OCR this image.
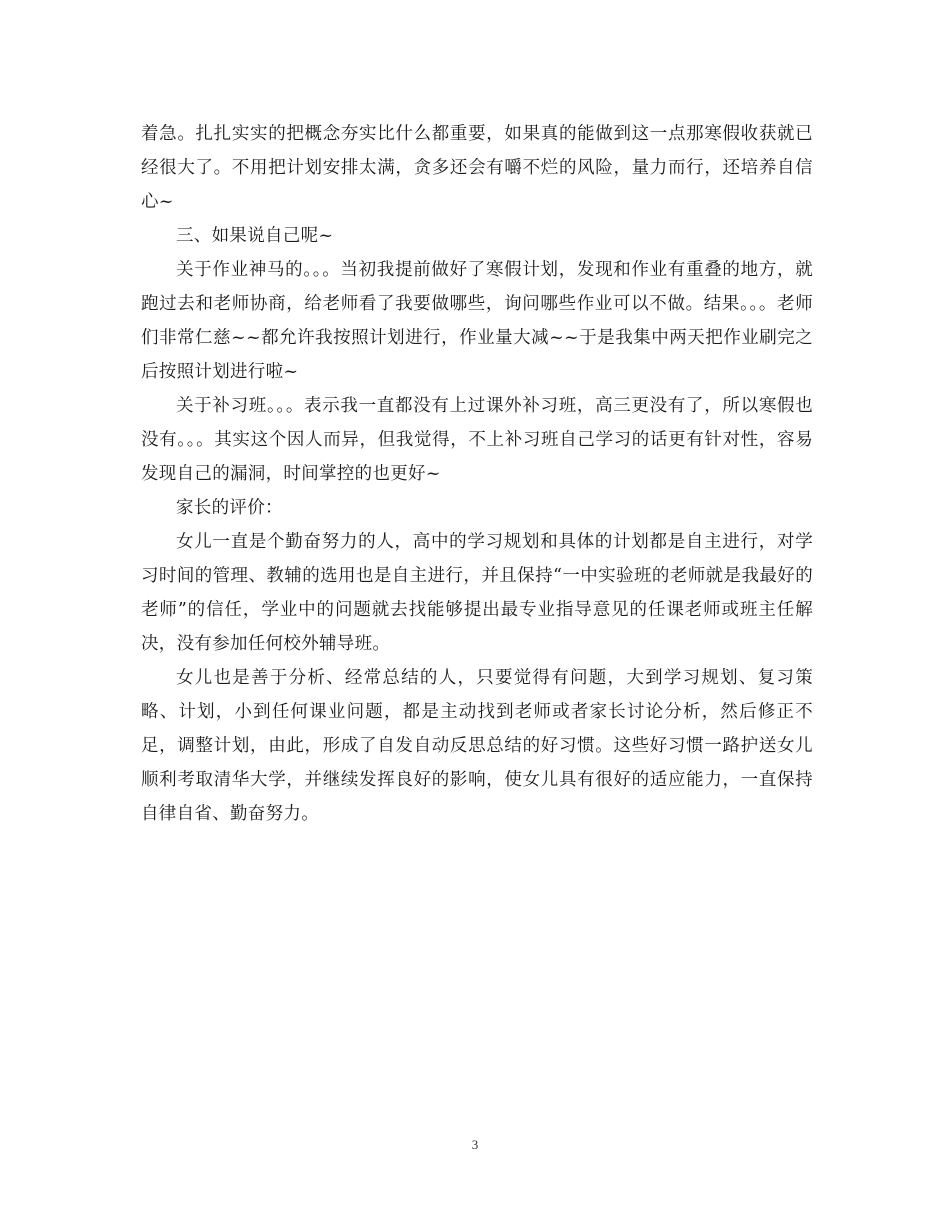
着急。扎扎实实的把概念夯实比什么都重要，如果真的能做到这一点那寒假收获就已经很大了。不用把计划安排太满，贪多还会有嚼不烂的风险，量力而行，还培养自信心~

三、如果说自己呢~

关于作业神马的。。。当初我提前做好了寒假计划，发现和作业有重叠的地方，就跑过去和老师协商，给老师看了我要做哪些，询问哪些作业可以不做。结果。。。老师们非常仁慈~~都允许我按照计划进行，作业量大减~~于是我集中两天把作业刷完之后按照计划进行啦~

关于补习班。。。表示我一直都没有上过课外补习班，高三更没有了，所以寒假也没有。。。其实这个因人而异，但我觉得，不上补习班自己学习的话更有针对性，容易发现自己的漏洞，时间掌控的也更好~

家长的评价：

女儿一直是个勤奋努力的人，高中的学习规划和具体的计划都是自主进行，对学习时间的管理、教辅的选用也是自主进行，并且保持“一中实验班的老师就是我最好的老师”的信任，学业中的问题就去找能够提出最专业指导意见的任课老师或班主任解决，没有参加任何校外辅导班。

女儿也是善于分析、经常总结的人，只要觉得有问题，大到学习规划、复习策略、计划，小到任何课业问题，都是主动找到老师或者家长讨论分析，然后修正不足，调整计划，由此，形成了自发自动反思总结的好习惯。这些好习惯一路护送女儿顺利考取清华大学，并继续发挥良好的影响，使女儿具有很好的适应能力，一直保持自律自省、勤奋努力。

3
